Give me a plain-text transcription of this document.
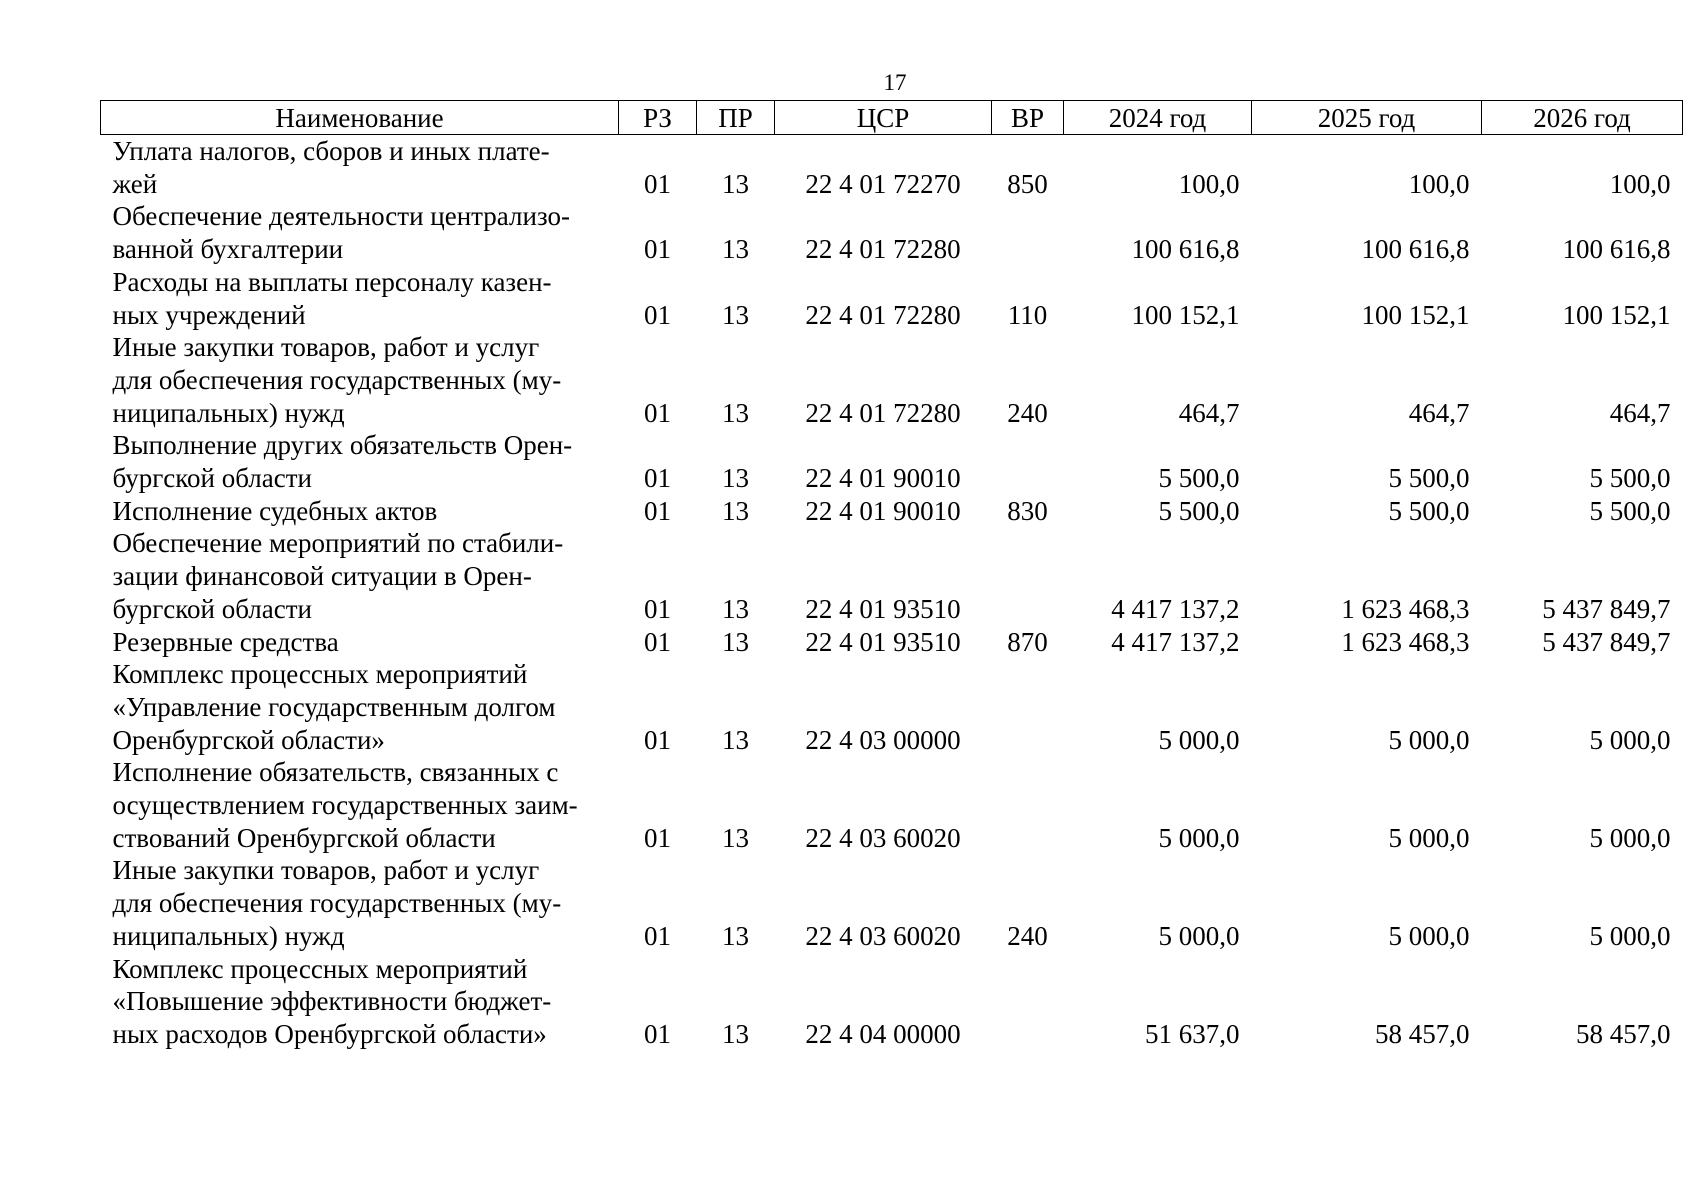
17
Наименование	РЗ	ПР	ЦСР	ВР	2024 год	2025 год	2026 год

Уплата налогов, сборов и иных плате-
жей	01	13	22 4 01 72270	850	100,0	100,0	100,0

Обеспечение деятельности централизо-
ванной бухгалтерии	01	13	22 4 01 72280		100 616,8	100 616,8	100 616,8

Расходы на выплаты персоналу казен-
ных учреждений	01	13	22 4 01 72280	110	100 152,1	100 152,1	100 152,1

Иные закупки товаров, работ и услуг
для обеспечения государственных (му-
ниципальных) нужд	01	13	22 4 01 72280	240	464,7	464,7	464,7

Выполнение других обязательств Орен-
бургской области	01	13	22 4 01 90010		5 500,0	5 500,0	5 500,0

Исполнение судебных актов	01	13	22 4 01 90010	830	5 500,0	5 500,0	5 500,0

Обеспечение мероприятий по стабили-
зации финансовой ситуации в Орен-
бургской области	01	13	22 4 01 93510		4 417 137,2	1 623 468,3	5 437 849,7

Резервные средства	01	13	22 4 01 93510	870	4 417 137,2	1 623 468,3	5 437 849,7

Комплекс процессных мероприятий
«Управление государственным долгом
Оренбургской области»	01	13	22 4 03 00000		5 000,0	5 000,0	5 000,0

Исполнение обязательств, связанных с
осуществлением государственных заим-
ствований Оренбургской области	01	13	22 4 03 60020		5 000,0	5 000,0	5 000,0

Иные закупки товаров, работ и услуг
для обеспечения государственных (му-
ниципальных) нужд	01	13	22 4 03 60020	240	5 000,0	5 000,0	5 000,0

Комплекс процессных мероприятий
«Повышение эффективности бюджет-
ных расходов Оренбургской области»	01	13	22 4 04 00000		51 637,0	58 457,0	58 457,0
